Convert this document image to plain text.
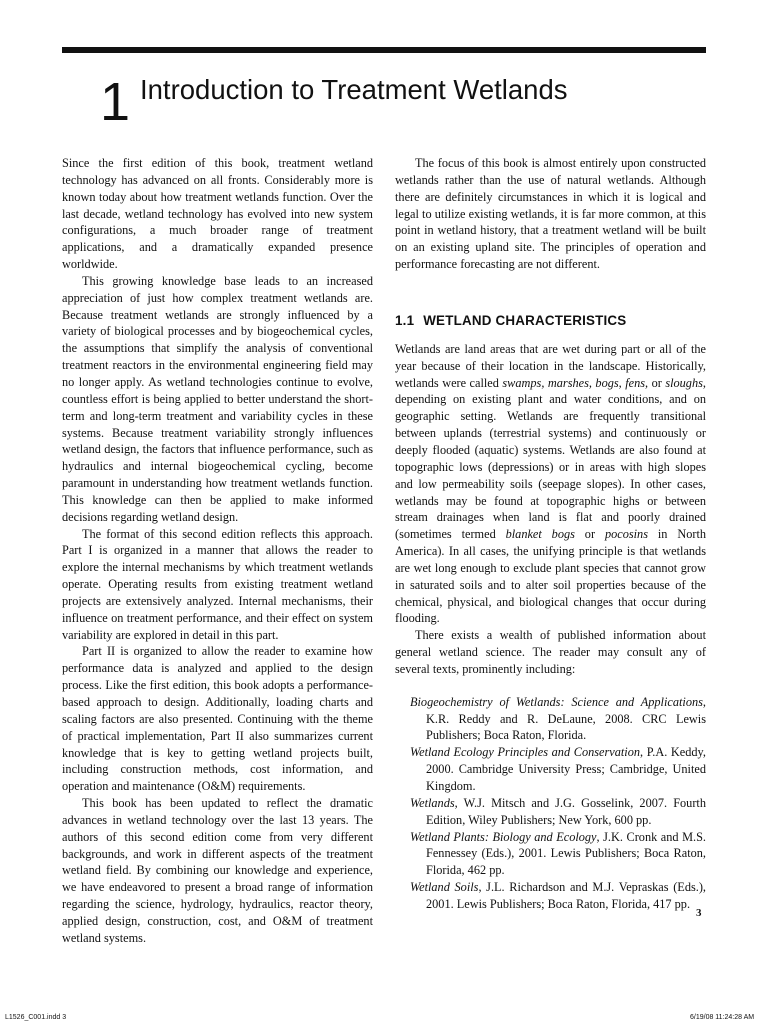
1 Introduction to Treatment Wetlands

Since the first edition of this book, treatment wetland technology has advanced on all fronts. Considerably more is known today about how treatment wetlands function. Over the last decade, wetland technology has evolved into new system configurations, a much broader range of treatment applications, and a dramatically expanded presence worldwide.

This growing knowledge base leads to an increased appreciation of just how complex treatment wetlands are. Because treatment wetlands are strongly influenced by a variety of biological processes and by biogeochemical cycles, the assumptions that simplify the analysis of conventional treatment reactors in the environmental engineering field may no longer apply. As wetland technologies continue to evolve, countless effort is being applied to better understand the short-term and long-term treatment and variability cycles in these systems. Because treatment variability strongly influences wetland design, the factors that influence performance, such as hydraulics and internal biogeochemical cycling, become paramount in understanding how treatment wetlands function. This knowledge can then be applied to make informed decisions regarding wetland design.

The format of this second edition reflects this approach. Part I is organized in a manner that allows the reader to explore the internal mechanisms by which treatment wetlands operate. Operating results from existing treatment wetland projects are extensively analyzed. Internal mechanisms, their influence on treatment performance, and their effect on system variability are explored in detail in this part.

Part II is organized to allow the reader to examine how performance data is analyzed and applied to the design process. Like the first edition, this book adopts a performance-based approach to design. Additionally, loading charts and scaling factors are also presented. Continuing with the theme of practical implementation, Part II also summarizes current knowledge that is key to getting wetland projects built, including construction methods, cost information, and operation and maintenance (O&M) requirements.

This book has been updated to reflect the dramatic advances in wetland technology over the last 13 years. The authors of this second edition come from very different backgrounds, and work in different aspects of the treatment wetland field. By combining our knowledge and experience, we have endeavored to present a broad range of information regarding the science, hydrology, hydraulics, reactor theory, applied design, construction, cost, and O&M of treatment wetland systems.

The focus of this book is almost entirely upon constructed wetlands rather than the use of natural wetlands. Although there are definitely circumstances in which it is logical and legal to utilize existing wetlands, it is far more common, at this point in wetland history, that a treatment wetland will be built on an existing upland site. The principles of operation and performance forecasting are not different.

1.1 WETLAND CHARACTERISTICS

Wetlands are land areas that are wet during part or all of the year because of their location in the landscape. Historically, wetlands were called swamps, marshes, bogs, fens, or sloughs, depending on existing plant and water conditions, and on geographic setting. Wetlands are frequently transitional between uplands (terrestrial systems) and continuously or deeply flooded (aquatic) systems. Wetlands are also found at topographic lows (depressions) or in areas with high slopes and low permeability soils (seepage slopes). In other cases, wetlands may be found at topographic highs or between stream drainages when land is flat and poorly drained (sometimes termed blanket bogs or pocosins in North America). In all cases, the unifying principle is that wetlands are wet long enough to exclude plant species that cannot grow in saturated soils and to alter soil properties because of the chemical, physical, and biological changes that occur during flooding.

There exists a wealth of published information about general wetland science. The reader may consult any of several texts, prominently including:

Biogeochemistry of Wetlands: Science and Applications, K.R. Reddy and R. DeLaune, 2008. CRC Lewis Publishers; Boca Raton, Florida.
Wetland Ecology Principles and Conservation, P.A. Keddy, 2000. Cambridge University Press; Cambridge, United Kingdom.
Wetlands, W.J. Mitsch and J.G. Gosselink, 2007. Fourth Edition, Wiley Publishers; New York, 600 pp.
Wetland Plants: Biology and Ecology, J.K. Cronk and M.S. Fennessey (Eds.), 2001. Lewis Publishers; Boca Raton, Florida, 462 pp.
Wetland Soils, J.L. Richardson and M.J. Vepraskas (Eds.), 2001. Lewis Publishers; Boca Raton, Florida, 417 pp.
3
L1526_C001.indd 3	6/19/08 11:24:28 AM
